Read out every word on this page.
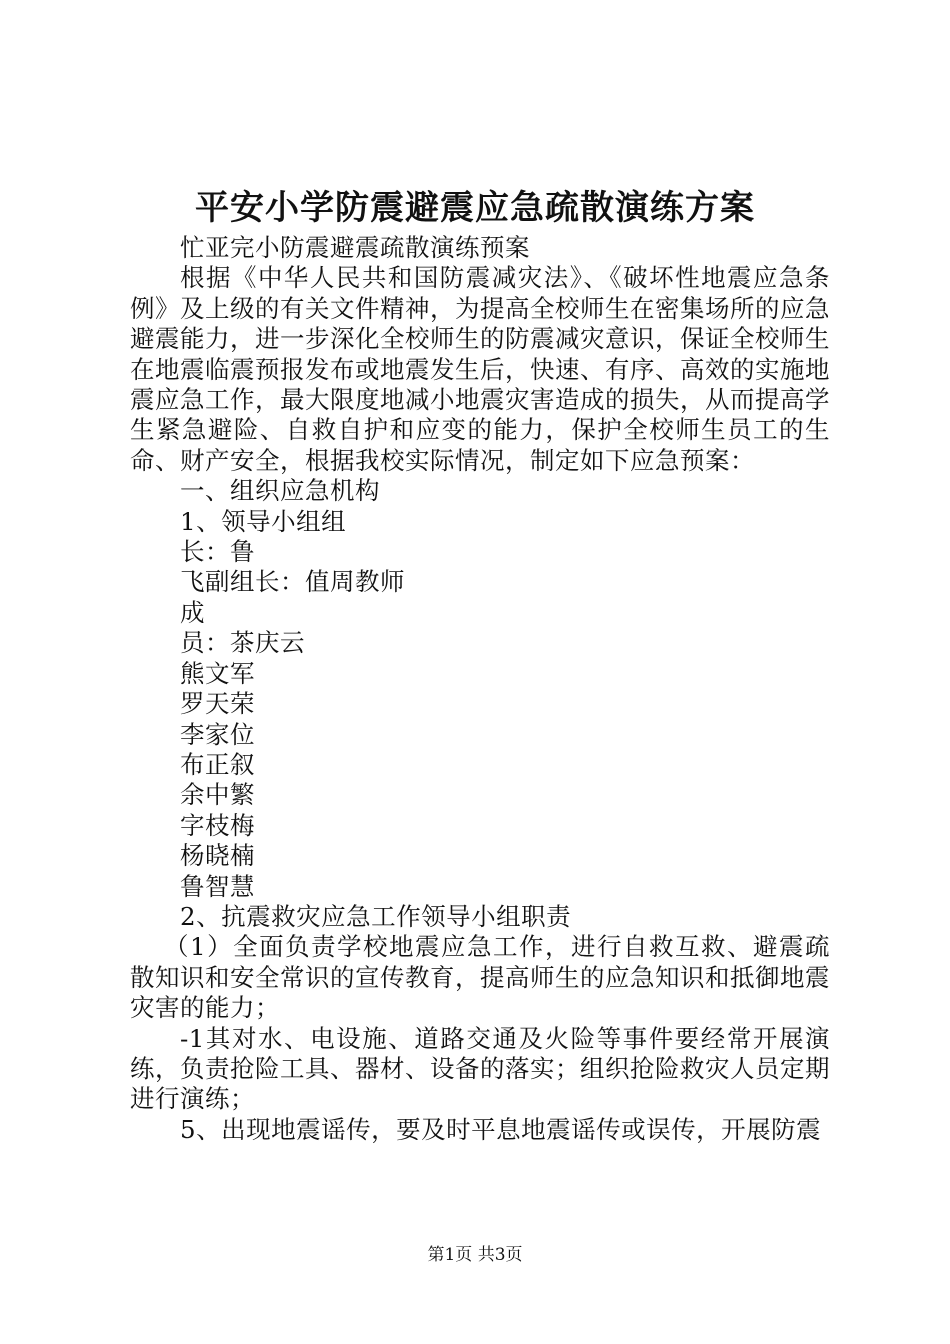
平安小学防震避震应急疏散演练方案

忙亚完小防震避震疏散演练预案

根据《中华人民共和国防震减灾法》、《破坏性地震应急条例》及上级的有关文件精神，为提高全校师生在密集场所的应急避震能力，进一步深化全校师生的防震减灾意识，保证全校师生在地震临震预报发布或地震发生后，快速、有序、高效的实施地震应急工作，最大限度地减小地震灾害造成的损失，从而提高学生紧急避险、自救自护和应变的能力，保护全校师生员工的生命、财产安全，根据我校实际情况，制定如下应急预案：

一、组织应急机构

1、领导小组组

长：鲁

飞副组长：值周教师

成

员：茶庆云

熊文军

罗天荣

李家位

布正叙

余中繁

字枝梅

杨晓楠

鲁智慧

2、抗震救灾应急工作领导小组职责

（1）全面负责学校地震应急工作，进行自救互救、避震疏散知识和安全常识的宣传教育，提高师生的应急知识和抵御地震灾害的能力；

-1其对水、电设施、道路交通及火险等事件要经常开展演练，负责抢险工具、器材、设备的落实；组织抢险救灾人员定期进行演练；

5、出现地震谣传，要及时平息地震谣传或误传，开展防震

第1页 共3页
